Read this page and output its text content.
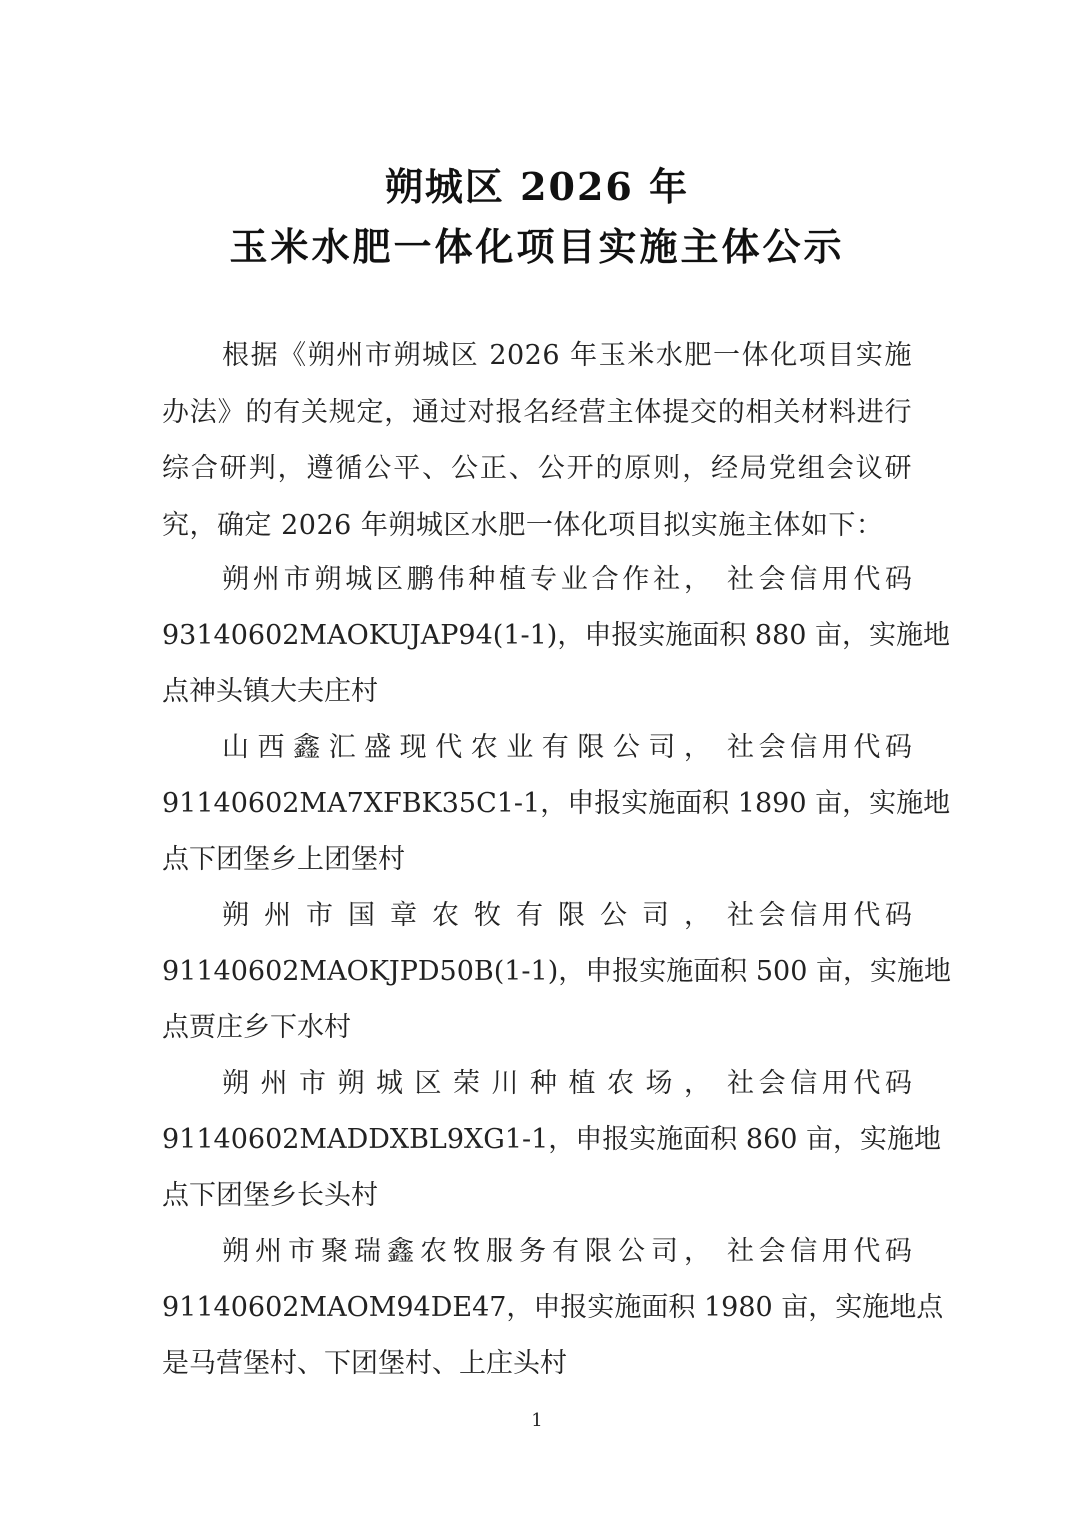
朔城区 2026 年
玉米水肥一体化项目实施主体公示

根据《朔州市朔城区 2026 年玉米水肥一体化项目实施办法》的有关规定，通过对报名经营主体提交的相关材料进行综合研判，遵循公平、公正、公开的原则，经局党组会议研究，确定 2026 年朔城区水肥一体化项目拟实施主体如下：

朔 州 市 朔 城 区 鹏 伟 种 植 专 业 合 作 社 ， 社 会 信 用 代 码
93140602MAOKUJAP94(1-1)，申报实施面积 880 亩，实施地
点神头镇大夫庄村
山 西 鑫 汇 盛 现 代 农 业 有 限 公 司 ， 社 会 信 用 代 码
91140602MA7XFBK35C1-1，申报实施面积 1890 亩，实施地
点下团堡乡上团堡村
朔 州 市 国 章 农 牧 有 限 公 司 ， 社 会 信 用 代 码
91140602MAOKJPD50B(1-1)，申报实施面积 500 亩，实施地
点贾庄乡下水村
朔 州 市 朔 城 区 荣 川 种 植 农 场 ， 社 会 信 用 代 码
91140602MADDXBL9XG1-1，申报实施面积 860 亩，实施地
点下团堡乡长头村
朔 州 市 聚 瑞 鑫 农 牧 服 务 有 限 公 司 ， 社 会 信 用 代 码
91140602MAOM94DE47，申报实施面积 1980 亩，实施地点
是马营堡村、下团堡村、上庄头村
1
